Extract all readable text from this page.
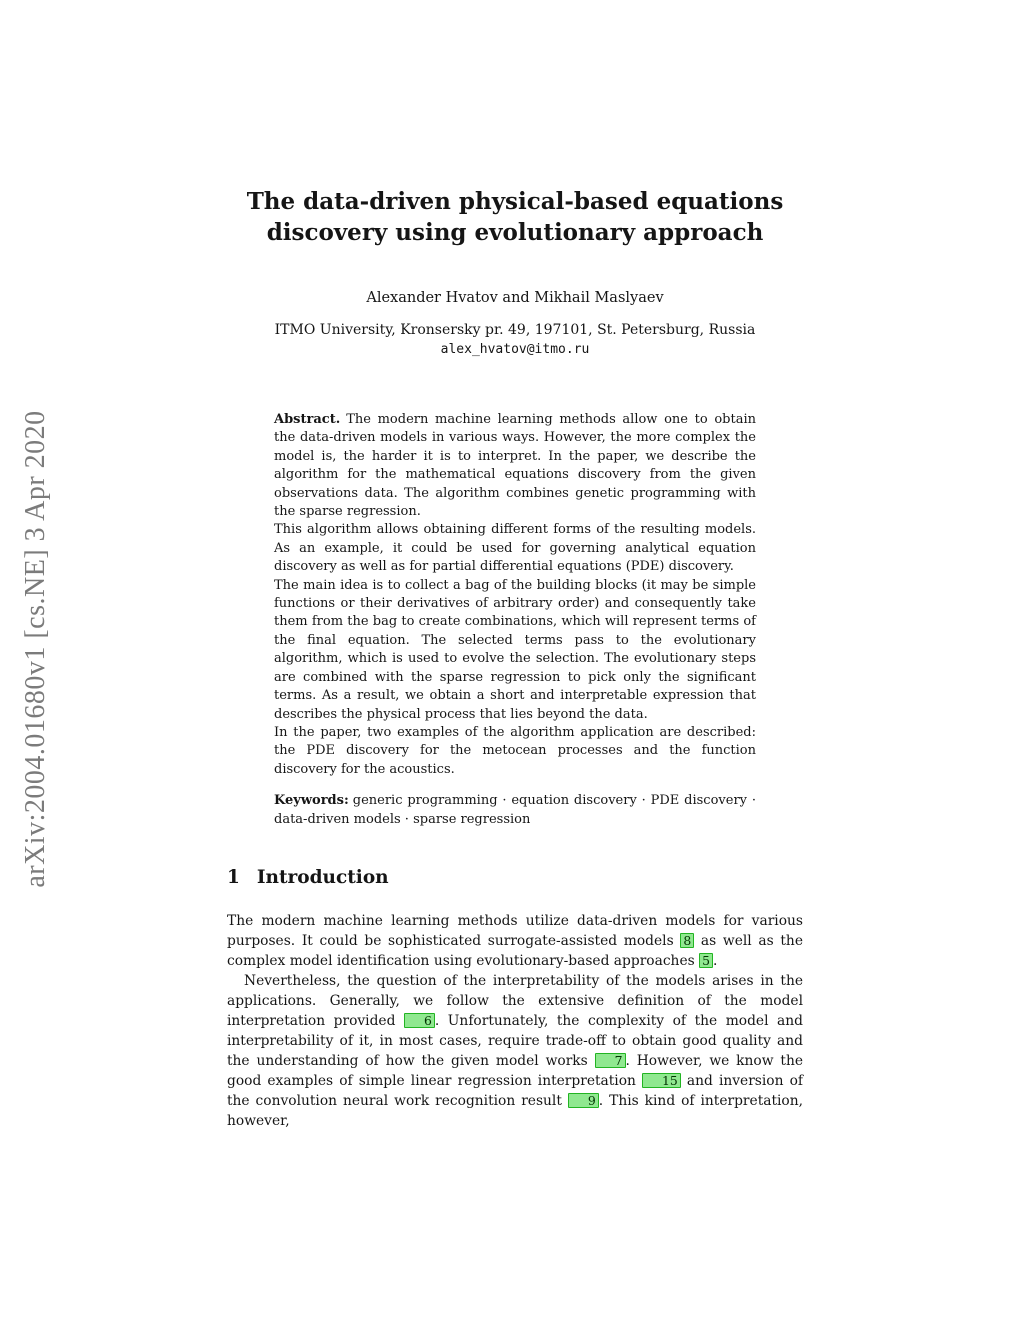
arXiv:2004.01680v1 [cs.NE] 3 Apr 2020
The data-driven physical-based equations
discovery using evolutionary approach
Alexander Hvatov and Mikhail Maslyaev
ITMO University, Kronsersky pr. 49, 197101, St. Petersburg, Russia
alex_hvatov@itmo.ru

Abstract. The modern machine learning methods allow one to obtain the data-driven models in various ways. However, the more complex the model is, the harder it is to interpret. In the paper, we describe the algorithm for the mathematical equations discovery from the given observations data. The algorithm combines genetic programming with the sparse regression.

This algorithm allows obtaining different forms of the resulting models. As an example, it could be used for governing analytical equation discovery as well as for partial differential equations (PDE) discovery.

The main idea is to collect a bag of the building blocks (it may be simple functions or their derivatives of arbitrary order) and consequently take them from the bag to create combinations, which will represent terms of the final equation. The selected terms pass to the evolutionary algorithm, which is used to evolve the selection. The evolutionary steps are combined with the sparse regression to pick only the significant terms. As a result, we obtain a short and interpretable expression that describes the physical process that lies beyond the data.

In the paper, two examples of the algorithm application are described: the PDE discovery for the metocean processes and the function discovery for the acoustics.

Keywords: generic programming · equation discovery · PDE discovery · data-driven models · sparse regression

1 Introduction

The modern machine learning methods utilize data-driven models for various purposes. It could be sophisticated surrogate-assisted models 8 as well as the complex model identification using evolutionary-based approaches 5 .

Nevertheless, the question of the interpretability of the models arises in the applications. Generally, we follow the extensive definition of the model interpretation provided 6 . Unfortunately, the complexity of the model and interpretability of it, in most cases, require trade-off to obtain good quality and the understanding of how the given model works 7 . However, we know the good examples of simple linear regression interpretation 15 and inversion of the convolution neural work recognition result 9 . This kind of interpretation, however,
